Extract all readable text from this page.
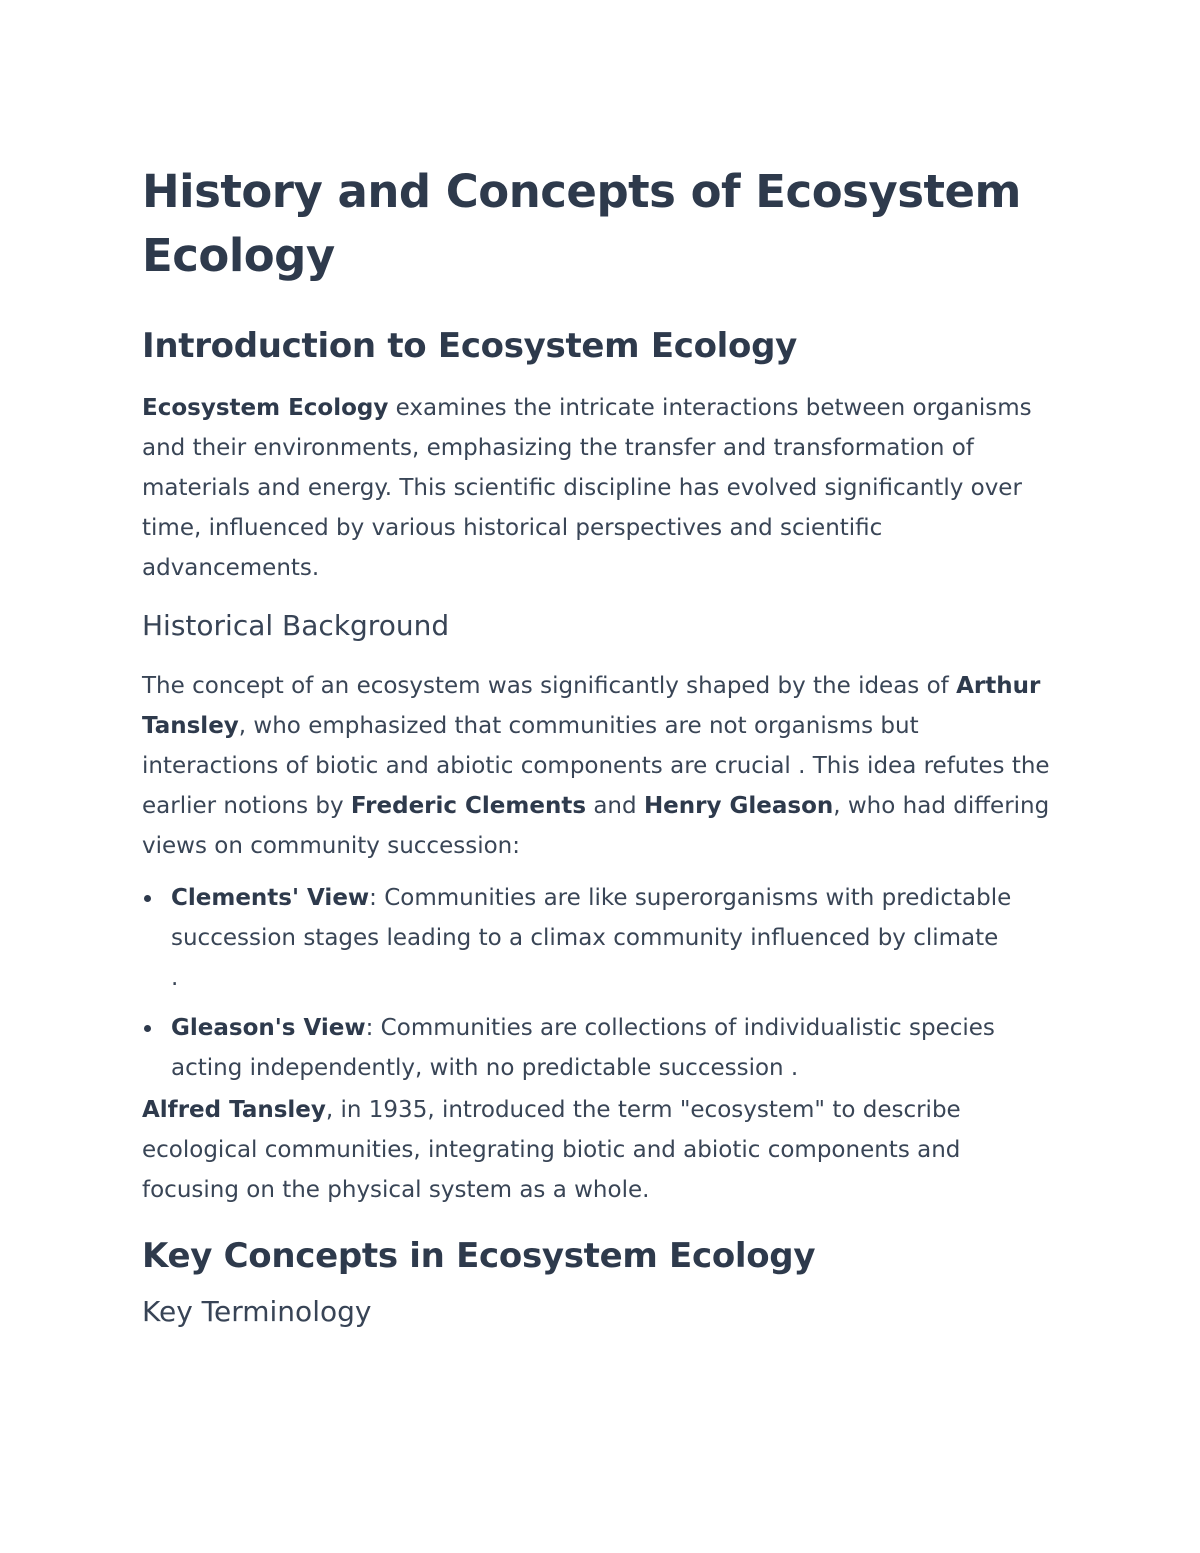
History and Concepts of Ecosystem Ecology
Introduction to Ecosystem Ecology

Ecosystem Ecology examines the intricate interactions between organisms and their environments, emphasizing the transfer and transformation of materials and energy. This scientific discipline has evolved significantly over time, influenced by various historical perspectives and scientific advancements.

Historical Background

The concept of an ecosystem was significantly shaped by the ideas of Arthur Tansley, who emphasized that communities are not organisms but interactions of biotic and abiotic components are crucial . This idea refutes the earlier notions by Frederic Clements and Henry Gleason, who had differing views on community succession:

Clements' View: Communities are like superorganisms with predictable succession stages leading to a climax community influenced by climate
.
Gleason's View: Communities are collections of individualistic species acting independently, with no predictable succession .

Alfred Tansley, in 1935, introduced the term "ecosystem" to describe ecological communities, integrating biotic and abiotic components and focusing on the physical system as a whole.

Key Concepts in Ecosystem Ecology
Key Terminology
